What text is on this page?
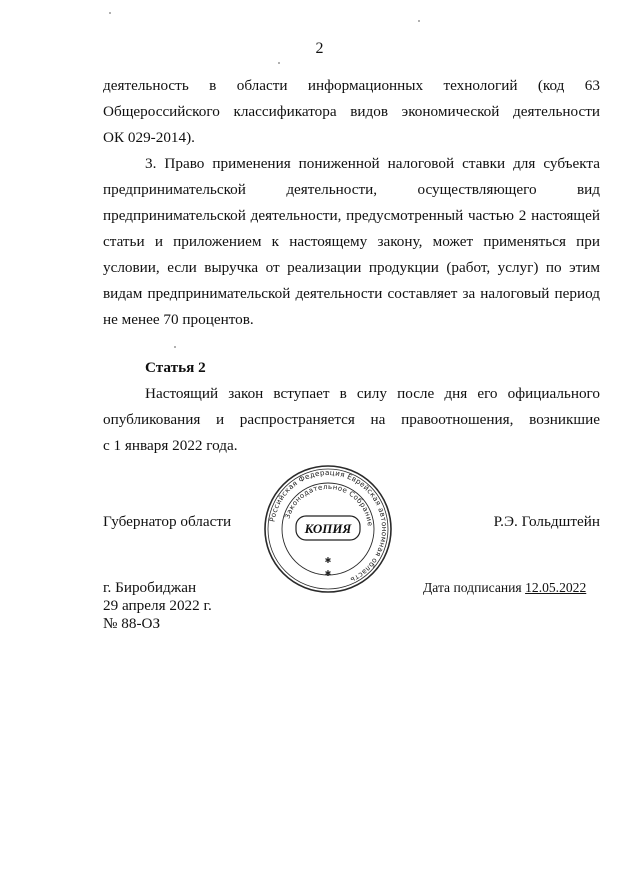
2
деятельность в области информационных технологий (код 63
Общероссийского классификатора видов экономической деятельности
ОК 029-2014).
3. Право применения пониженной налоговой ставки для субъекта
предпринимательской деятельности, осуществляющего вид
предпринимательской деятельности, предусмотренный частью 2 настоящей
статьи и приложением к настоящему закону, может применяться при
условии, если выручка от реализации продукции (работ, услуг) по этим
видам предпринимательской деятельности составляет за налоговый период
не менее 70 процентов.
Статья 2
Настоящий закон вступает в силу после дня его официального
опубликования и распространяется на правоотношения, возникшие
с 1 января 2022 года.
Губернатор области	Р.Э. Гольдштейн
Российская Федерация Еврейская автономная область
Законодательное Собрание
КОПИЯ
✱
✱
г. Биробиджан
29 апреля 2022 г.
№ 88-ОЗ
Дата подписания 12.05.2022
